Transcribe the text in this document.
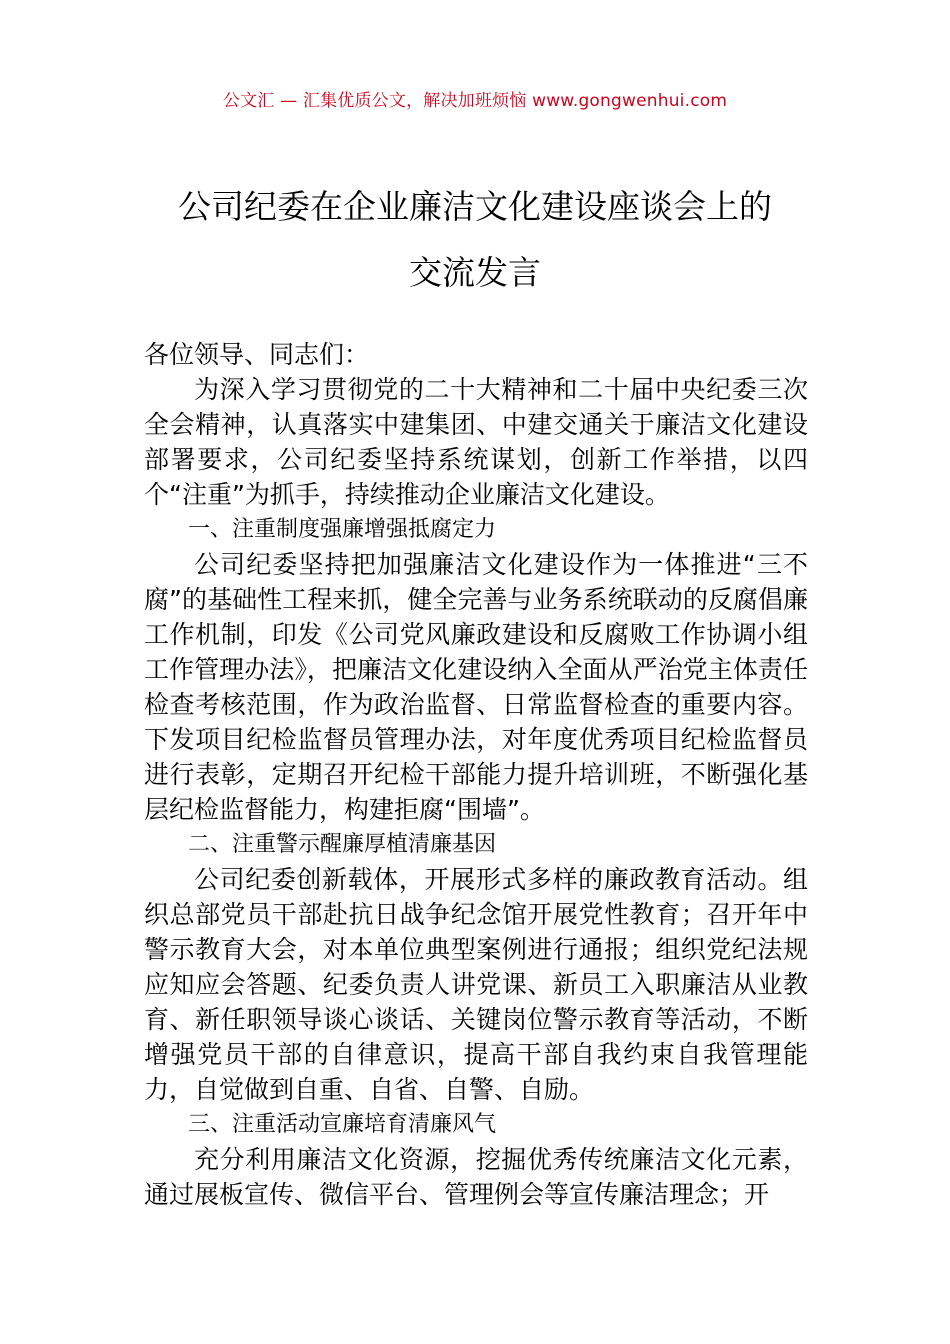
公文汇 — 汇集优质公文，解决加班烦恼 www.gongwenhui.com
公司纪委在企业廉洁文化建设座谈会上的
交流发言

各位领导、同志们：

为深入学习贯彻党的二十大精神和二十届中央纪委三次全会精神，认真落实中建集团、中建交通关于廉洁文化建设部署要求，公司纪委坚持系统谋划，创新工作举措，以四个“注重”为抓手，持续推动企业廉洁文化建设。

一、注重制度强廉增强抵腐定力

公司纪委坚持把加强廉洁文化建设作为一体推进“三不腐”的基础性工程来抓，健全完善与业务系统联动的反腐倡廉工作机制，印发《公司党风廉政建设和反腐败工作协调小组工作管理办法》，把廉洁文化建设纳入全面从严治党主体责任检查考核范围，作为政治监督、日常监督检查的重要内容。下发项目纪检监督员管理办法，对年度优秀项目纪检监督员进行表彰，定期召开纪检干部能力提升培训班，不断强化基层纪检监督能力，构建拒腐“围墙”。

二、注重警示醒廉厚植清廉基因

公司纪委创新载体，开展形式多样的廉政教育活动。组织总部党员干部赴抗日战争纪念馆开展党性教育；召开年中警示教育大会，对本单位典型案例进行通报；组织党纪法规应知应会答题、纪委负责人讲党课、新员工入职廉洁从业教育、新任职领导谈心谈话、关键岗位警示教育等活动，不断增强党员干部的自律意识，提高干部自我约束自我管理能力，自觉做到自重、自省、自警、自励。

三、注重活动宣廉培育清廉风气

充分利用廉洁文化资源，挖掘优秀传统廉洁文化元素，通过展板宣传、微信平台、管理例会等宣传廉洁理念；开
